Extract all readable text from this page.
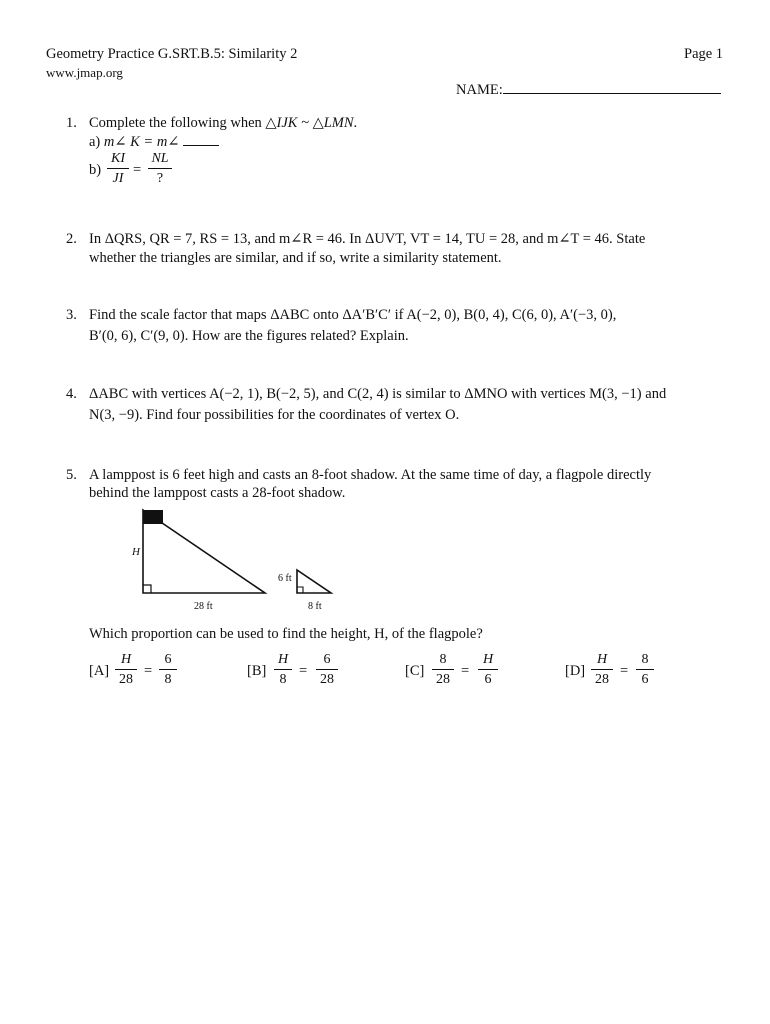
Geometry Practice G.SRT.B.5: Similarity 2
www.jmap.org
Page 1
NAME:
1. Complete the following when △IJK ~ △LMN.
a) m∠ K = m∠
b)
KI
JI
=
NL
?
2. In ΔQRS, QR = 7, RS = 13, and m∠R = 46. In ΔUVT, VT = 14, TU = 28, and m∠T = 46. State
whether the triangles are similar, and if so, write a similarity statement.
3. Find the scale factor that maps ΔABC onto ΔA′B′C′ if A(−2, 0), B(0, 4), C(6, 0), A′(−3, 0),
B′(0, 6), C′(9, 0). How are the figures related? Explain.
4. ΔABC with vertices A(−2, 1), B(−2, 5), and C(2, 4) is similar to ΔMNO with vertices M(3, −1) and
N(3, −9). Find four possibilities for the coordinates of vertex O.
5. A lamppost is 6 feet high and casts an 8-foot shadow. At the same time of day, a flagpole directly
behind the lamppost casts a 28-foot shadow.
H
28 ft
6 ft
8 ft
Which proportion can be used to find the height, H, of the flagpole?
[A]
H
28
=
6
8
[B]
H
8
=
6
28
[C]
8
28
=
H
6
[D]
H
28
=
8
6
